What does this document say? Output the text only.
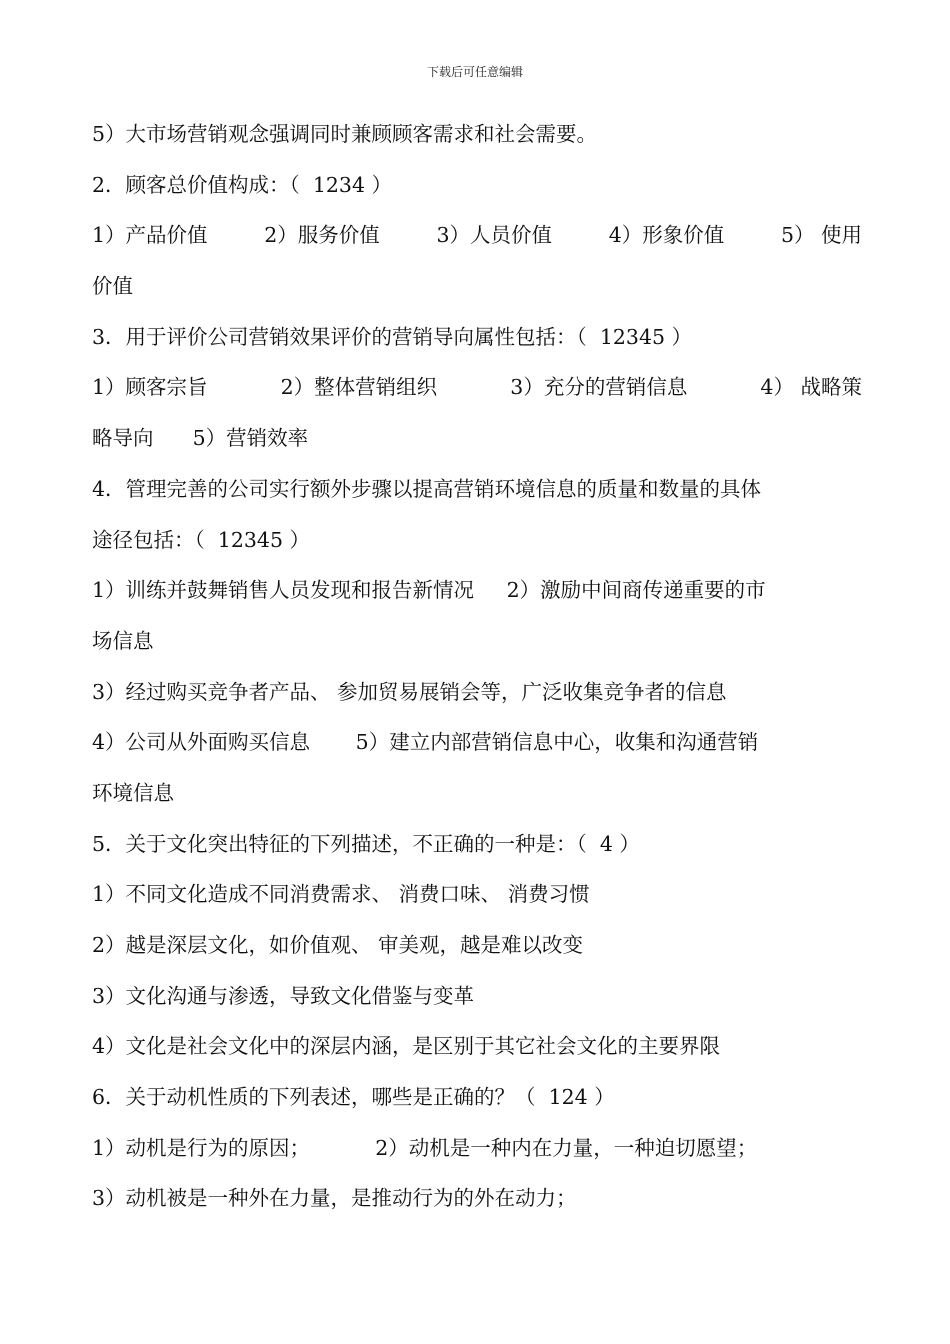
下载后可任意编辑
5）大市场营销观念强调同时兼顾顾客需求和社会需要。
2．顾客总价值构成：（  1234 ）
1）产品价值	2）服务价值	3）人员价值	4）形象价值	5） 使用
价值
3．用于评价公司营销效果评价的营销导向属性包括：（  12345 ）
1）顾客宗旨	2）整体营销组织	3）充分的营销信息	4） 战略策
略导向      5）营销效率
4．管理完善的公司实行额外步骤以提高营销环境信息的质量和数量的具体
途径包括：（  12345 ）
1）训练并鼓舞销售人员发现和报告新情况     2）激励中间商传递重要的市
场信息
3）经过购买竞争者产品、 参加贸易展销会等，广泛收集竞争者的信息
4）公司从外面购买信息       5）建立内部营销信息中心，收集和沟通营销
环境信息
5．关于文化突出特征的下列描述，不正确的一种是：（  4 ）
1）不同文化造成不同消费需求、 消费口味、 消费习惯
2）越是深层文化，如价值观、 审美观，越是难以改变
3）文化沟通与渗透，导致文化借鉴与变革
4）文化是社会文化中的深层内涵，是区别于其它社会文化的主要界限
6．关于动机性质的下列表述，哪些是正确的？（  124 ）
1）动机是行为的原因；          2）动机是一种内在力量，一种迫切愿望；
3）动机被是一种外在力量，是推动行为的外在动力；
